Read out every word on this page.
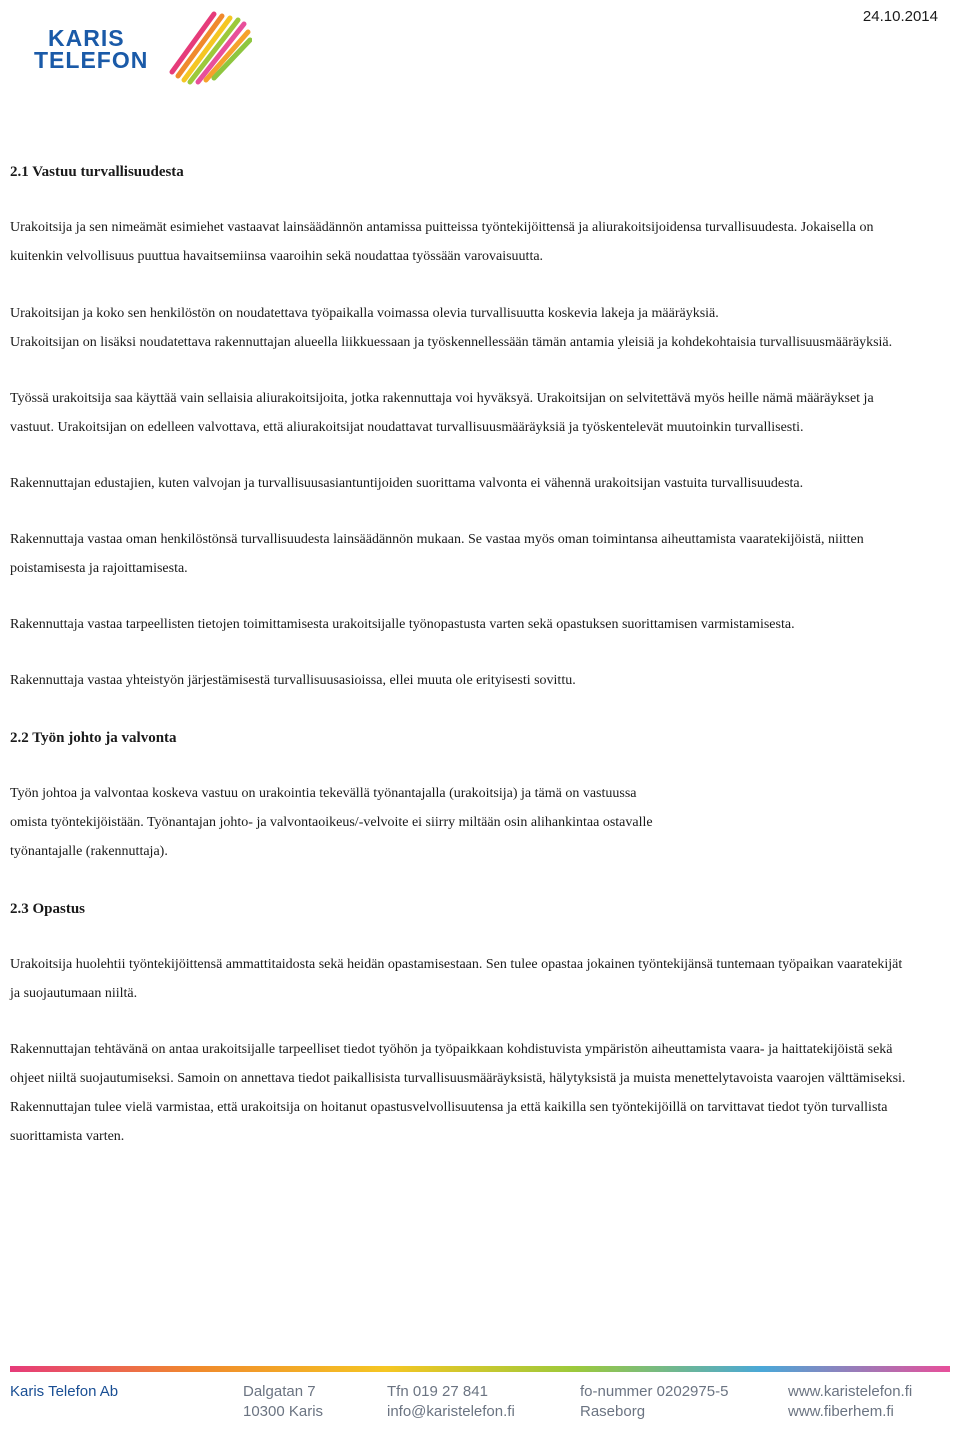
KARIS
TELEFON
24.10.2014
2.1 Vastuu turvallisuudesta

Urakoitsija ja sen nimeämät esimiehet vastaavat lainsäädännön antamissa puitteissa työntekijöittensä ja aliurakoitsijoidensa turvallisuudesta. Jokaisella on kuitenkin velvollisuus puuttua havaitsemiinsa vaaroihin sekä noudattaa työssään varovaisuutta.

Urakoitsijan ja koko sen henkilöstön on noudatettava työpaikalla voimassa olevia turvallisuutta koskevia lakeja ja määräyksiä.

Urakoitsijan on lisäksi noudatettava rakennuttajan alueella liikkuessaan ja työskennellessään tämän antamia yleisiä ja kohdekohtaisia turvallisuusmääräyksiä.

Työssä urakoitsija saa käyttää vain sellaisia aliurakoitsijoita, jotka rakennuttaja voi hyväksyä. Urakoitsijan on selvitettävä myös heille nämä määräykset ja vastuut. Urakoitsijan on edelleen valvottava, että aliurakoitsijat noudattavat turvallisuusmääräyksiä ja työskentelevät muutoinkin turvallisesti.

Rakennuttajan edustajien, kuten valvojan ja turvallisuusasiantuntijoiden suorittama valvonta ei vähennä urakoitsijan vastuita turvallisuudesta.

Rakennuttaja vastaa oman henkilöstönsä turvallisuudesta lainsäädännön mukaan. Se vastaa myös oman toimintansa aiheuttamista vaaratekijöistä, niitten poistamisesta ja rajoittamisesta.

Rakennuttaja vastaa tarpeellisten tietojen toimittamisesta urakoitsijalle työnopastusta varten sekä opastuksen suorittamisen varmistamisesta.

Rakennuttaja vastaa yhteistyön järjestämisestä turvallisuusasioissa, ellei muuta ole erityisesti sovittu.

2.2 Työn johto ja valvonta

Työn johtoa ja valvontaa koskeva vastuu on urakointia tekevällä työnantajalla (urakoitsija) ja tämä on vastuussa omista työntekijöistään. Työnantajan johto- ja valvontaoikeus/-velvoite ei siirry miltään osin alihankintaa ostavalle työnantajalle (rakennuttaja).

2.3 Opastus

Urakoitsija huolehtii työntekijöittensä ammattitaidosta sekä heidän opastamisestaan. Sen tulee opastaa jokainen työntekijänsä tuntemaan työpaikan vaaratekijät ja suojautumaan niiltä.

Rakennuttajan tehtävänä on antaa urakoitsijalle tarpeelliset tiedot työhön ja työpaikkaan kohdistuvista ympäristön aiheuttamista vaara- ja haittatekijöistä sekä ohjeet niiltä suojautumiseksi. Samoin on annettava tiedot paikallisista turvallisuusmääräyksistä, hälytyksistä ja muista menettelytavoista vaarojen välttämiseksi. Rakennuttajan tulee vielä varmistaa, että urakoitsija on hoitanut opastusvelvollisuutensa ja että kaikilla sen työntekijöillä on tarvittavat tiedot työn turvallista suorittamista varten.

Karis Telefon Ab	Dalgatan 7
10300 Karis
Tfn 019 27 841
info@karistelefon.fi
fo-nummer 0202975-5
Raseborg
www.karistelefon.fi
www.fiberhem.fi
